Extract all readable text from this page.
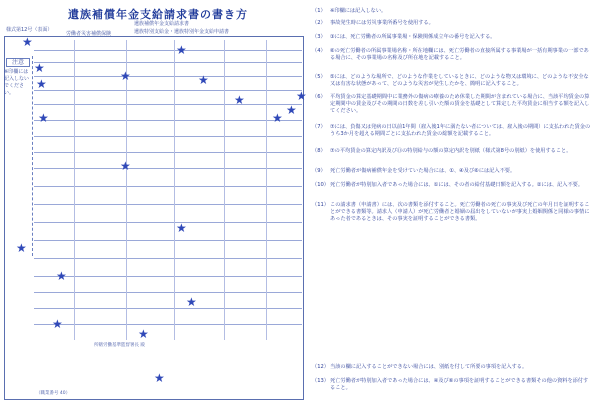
遺族補償年金支給請求書の書き方
様式第12号（表面）
労働者災害補償保険
遺族補償年金支給請求書
遺族特別支給金・遺族特別年金支給申請書
注意
※印欄には記入しないでください。
所轄労働基準監督署長 殿
（職業番号 40）
★
★
★
★
★
★
★
★
★
★
★
★
★
★
★
★
★
★
（1） ※印欄には記入しない。
（2） 事故発生時には労災事業所番号を使用する。
（3） ③には、死亡労働者の所属事業場・保険関係成立年の番号を記入する。
（4） ⑥の死亡労働者の所属事業場名称・所在地欄には、死亡労働者の直接所属する事業場が一括有期事業の一部である場合に、その事業場の名称及び所在地を記載すること。
（5） ⑤には、どのような場所で、どのような作業をしているときに、どのような物又は環境に、どのような不安全な又は有害な状態があって、どのような災害が発生したかを、簡明に記入すること。
（6） 平均賃金の算定基礎期間中に業務外の傷病の療養のため休業した期間が含まれている場合に、当該平均賃金の算定期間中の賃金及びその期間の日数を差し引いた額の賃金を基礎として算定した平均賃金に相当する額を記入してください。
（7） ⑦には、負傷又は発病の日以前1年間（雇入後1年に満たない者については、雇入後の期間）に支払われた賃金のうち3か月を超える期間ごとに支払われた賃金の総額を記載すること。
（8） ⑦の平均賃金の算定内訳及び⑪の特別給与の額の算定内訳を別紙（様式第8号の別紙）を使用すること。
（9） 死亡労働者が傷病補償年金を受けていた場合には、①、④及び⑥には記入不要。
（10） 死亡労働者が特別加入者であった場合には、①には、その者の給付基礎日額を記入する。②には、記入不要。
（11） この請求書（申請書）には、次の書類を添付すること。死亡労働者の死亡の事実及び死亡の年月日を証明することができる書類等。請求人（申請人）が死亡労働者と婚姻の届出をしていないが事実上婚姻関係と同様の事情にあった者であるときは、その事実を証明することができる書類。
（12） 当該の欄に記入することができない場合には、別紙を付して所要の事項を記入する。
（13） 死亡労働者が特別加入者であった場合には、④及び⑥の事項を証明することができる書類その他の資料を添付すること。
★
